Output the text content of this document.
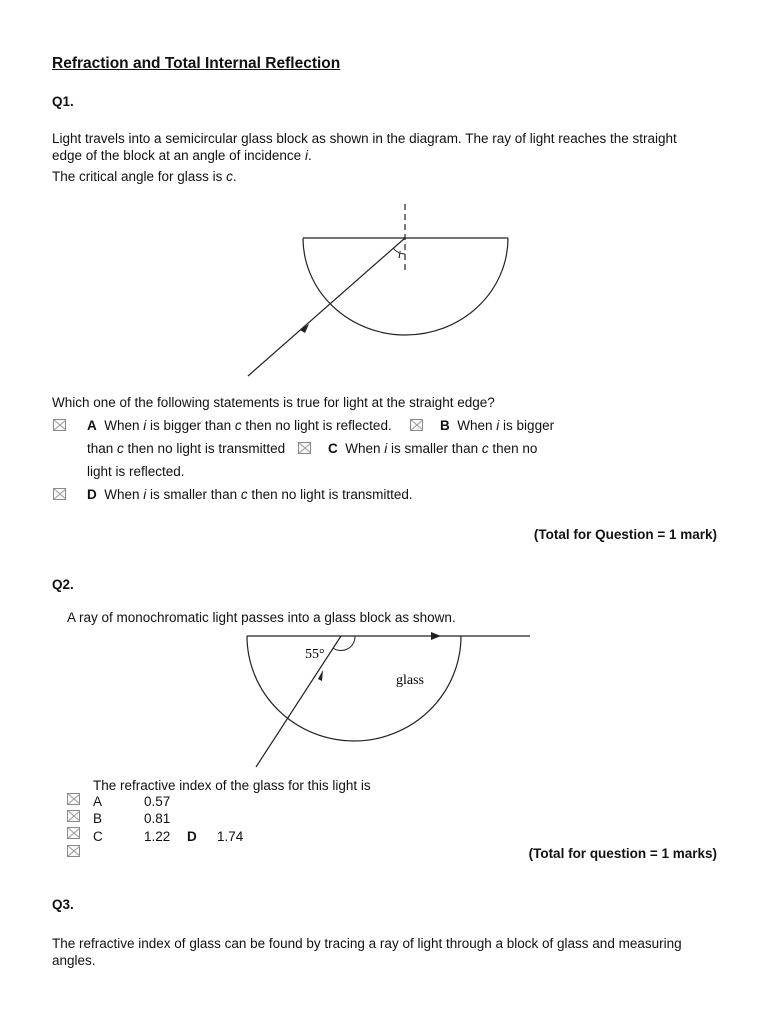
Refraction and Total Internal Reflection
Q1.
Light travels into a semicircular glass block as shown in the diagram. The ray of light reaches the straight
edge of the block at an angle of incidence i.
The critical angle for glass is c.
i
Which one of the following statements is true for light at the straight edge?
A When i is bigger than c then no light is reflected.	B When i is bigger
than c then no light is transmitted	C When i is smaller than c then no
light is reflected.
D When i is smaller than c then no light is transmitted.
(Total for Question = 1 mark)
Q2.
A ray of monochromatic light passes into a glass block as shown.
55°
glass
The refractive index of the glass for this light is
A	0.57
B	0.81
C	1.22 D 1.74
(Total for question = 1 marks)
Q3.
The refractive index of glass can be found by tracing a ray of light through a block of glass and measuring
angles.
